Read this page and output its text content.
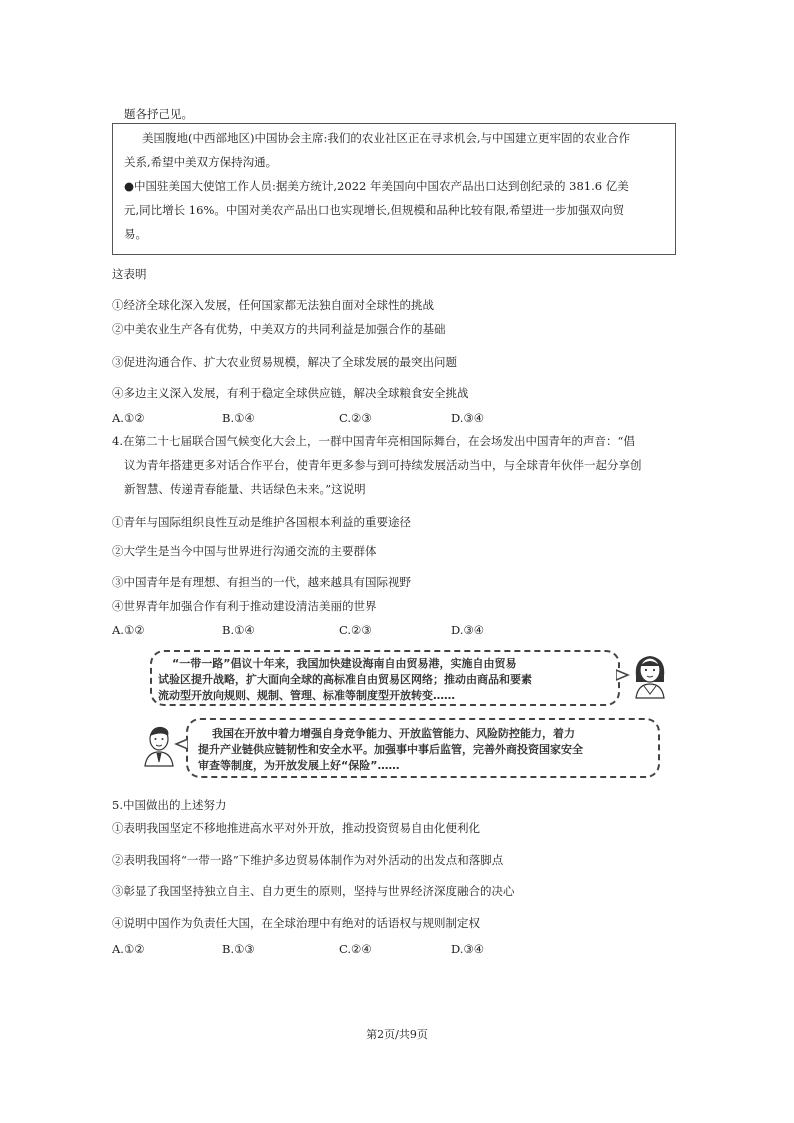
题各抒己见。
美国腹地(中西部地区)中国协会主席:我们的农业社区正在寻求机会,与中国建立更牢固的农业合作
关系,希望中美双方保持沟通。
●中国驻美国大使馆工作人员:据美方统计,2022 年美国向中国农产品出口达到创纪录的 381.6 亿美
元,同比增长 16%。中国对美农产品出口也实现增长,但规模和品种比较有限,希望进一步加强双向贸
易。
这表明
①经济全球化深入发展，任何国家都无法独自面对全球性的挑战
②中美农业生产各有优势，中美双方的共同利益是加强合作的基础
③促进沟通合作、扩大农业贸易规模，解决了全球发展的最突出问题
④多边主义深入发展，有利于稳定全球供应链，解决全球粮食安全挑战
A.①②	B.①④	C.②③	D.③④
4.在第二十七届联合国气候变化大会上，一群中国青年亮相国际舞台，在会场发出中国青年的声音：“倡
议为青年搭建更多对话合作平台，使青年更多参与到可持续发展活动当中，与全球青年伙伴一起分享创
新智慧、传递青春能量、共话绿色未来。”这说明
①青年与国际组织良性互动是维护各国根本利益的重要途径
②大学生是当今中国与世界进行沟通交流的主要群体
③中国青年是有理想、有担当的一代，越来越具有国际视野
④世界青年加强合作有利于推动建设清洁美丽的世界
A.①②	B.①④	C.②③	D.③④
“一带一路”倡议十年来，我国加快建设海南自由贸易港，实施自由贸易
试验区提升战略，扩大面向全球的高标准自由贸易区网络；推动由商品和要素
流动型开放向规则、规制、管理、标准等制度型开放转变……
我国在开放中着力增强自身竞争能力、开放监管能力、风险防控能力，着力
提升产业链供应链韧性和安全水平。加强事中事后监管，完善外商投资国家安全
审查等制度，为开放发展上好“保险”……
5.中国做出的上述努力
①表明我国坚定不移地推进高水平对外开放，推动投资贸易自由化便利化
②表明我国将“一带一路”下维护多边贸易体制作为对外活动的出发点和落脚点
③彰显了我国坚持独立自主、自力更生的原则，坚持与世界经济深度融合的决心
④说明中国作为负责任大国，在全球治理中有绝对的话语权与规则制定权
A.①②	B.①③	C.②④	D.③④
第2页/共9页
